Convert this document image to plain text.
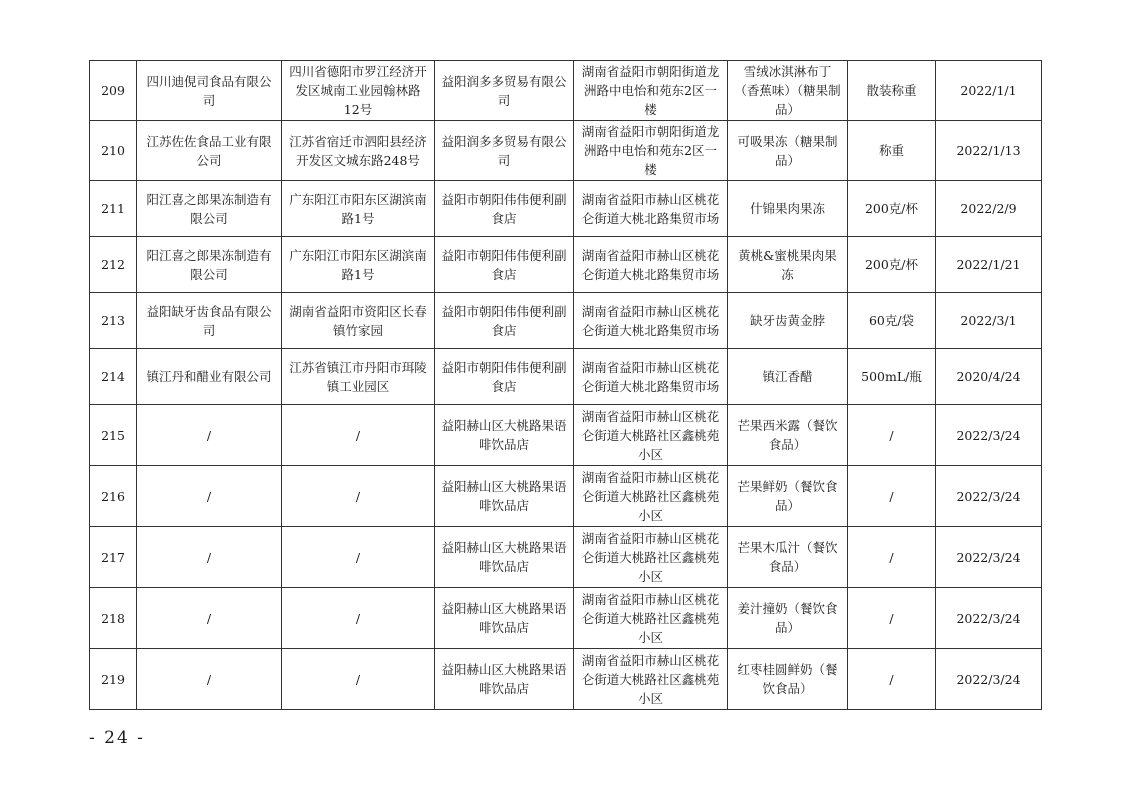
209	四川迪俔司食品有限公司	四川省德阳市罗江经济开发区城南工业园翰林路12号	益阳润多多贸易有限公司	湖南省益阳市朝阳街道龙洲路中电怡和苑东2区一楼	雪绒冰淇淋布丁（香蕉味）（糖果制品）	散装称重	2022/1/1
210	江苏佐佐食品工业有限公司	江苏省宿迁市泗阳县经济开发区文城东路248号	益阳润多多贸易有限公司	湖南省益阳市朝阳街道龙洲路中电怡和苑东2区一楼	可吸果冻（糖果制品）	称重	2022/1/13
211	阳江喜之郎果冻制造有限公司	广东阳江市阳东区湖滨南路1号	益阳市朝阳伟伟便利副食店	湖南省益阳市赫山区桃花仑街道大桃北路集贸市场	什锦果肉果冻	200克/杯	2022/2/9
212	阳江喜之郎果冻制造有限公司	广东阳江市阳东区湖滨南路1号	益阳市朝阳伟伟便利副食店	湖南省益阳市赫山区桃花仑街道大桃北路集贸市场	黄桃&蜜桃果肉果冻	200克/杯	2022/1/21
213	益阳缺牙齿食品有限公司	湖南省益阳市资阳区长春镇竹家园	益阳市朝阳伟伟便利副食店	湖南省益阳市赫山区桃花仑街道大桃北路集贸市场	缺牙齿黄金脖	60克/袋	2022/3/1
214	镇江丹和醋业有限公司	江苏省镇江市丹阳市珥陵镇工业园区	益阳市朝阳伟伟便利副食店	湖南省益阳市赫山区桃花仑街道大桃北路集贸市场	镇江香醋	500mL/瓶	2020/4/24
215	/	/	益阳赫山区大桃路果语啡饮品店	湖南省益阳市赫山区桃花仑街道大桃路社区鑫桃苑小区	芒果西米露（餐饮食品）	/	2022/3/24
216	/	/	益阳赫山区大桃路果语啡饮品店	湖南省益阳市赫山区桃花仑街道大桃路社区鑫桃苑小区	芒果鲜奶（餐饮食品）	/	2022/3/24
217	/	/	益阳赫山区大桃路果语啡饮品店	湖南省益阳市赫山区桃花仑街道大桃路社区鑫桃苑小区	芒果木瓜汁（餐饮食品）	/	2022/3/24
218	/	/	益阳赫山区大桃路果语啡饮品店	湖南省益阳市赫山区桃花仑街道大桃路社区鑫桃苑小区	姜汁撞奶（餐饮食品）	/	2022/3/24
219	/	/	益阳赫山区大桃路果语啡饮品店	湖南省益阳市赫山区桃花仑街道大桃路社区鑫桃苑小区	红枣桂圆鲜奶（餐饮食品）	/	2022/3/24
- 24 -
